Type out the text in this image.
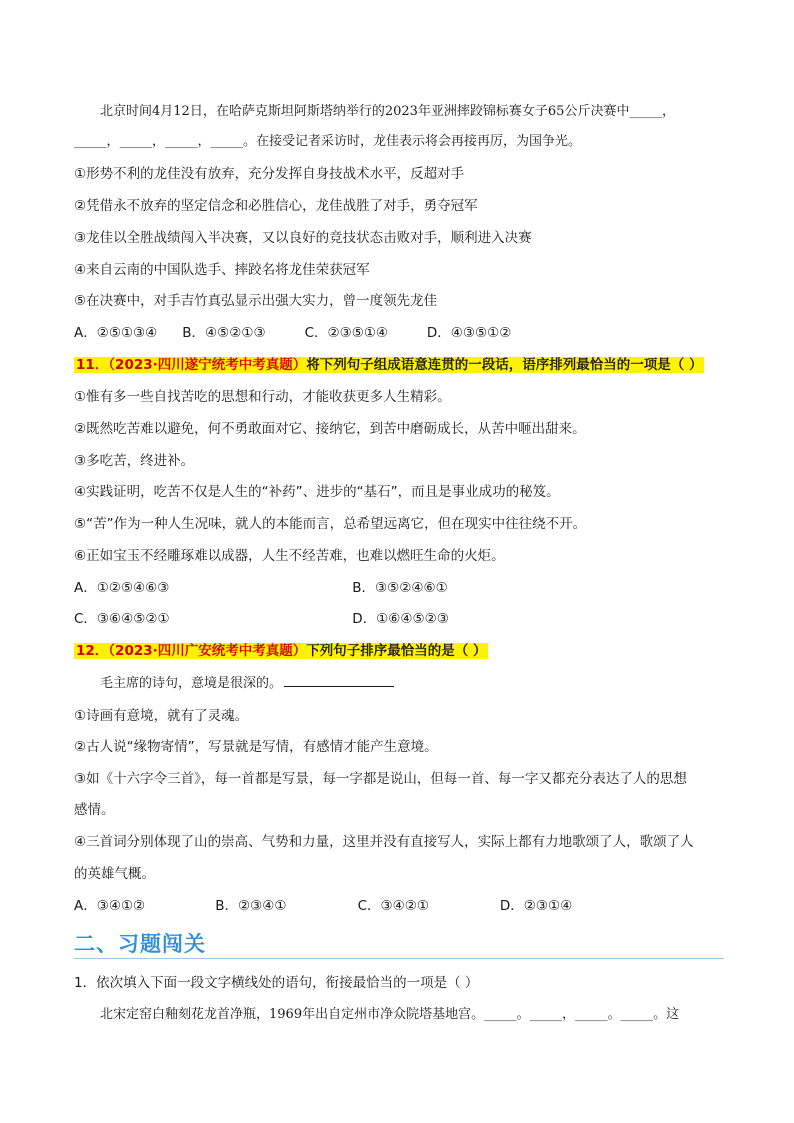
北京时间4月12日，在哈萨克斯坦阿斯塔纳举行的2023年亚洲摔跤锦标赛女子65公斤决赛中_____，
_____，_____，_____，_____。在接受记者采访时，龙佳表示将会再接再厉，为国争光。
①形势不利的龙佳没有放弃，充分发挥自身技战术水平，反超对手
②凭借永不放弃的坚定信念和必胜信心，龙佳战胜了对手，勇夺冠军
③龙佳以全胜战绩闯入半决赛，又以良好的竞技状态击败对手，顺利进入决赛
④来自云南的中国队选手、摔跤名将龙佳荣获冠军
⑤在决赛中，对手吉竹真弘显示出强大实力，曾一度领先龙佳
A．②⑤①③④ B．④⑤②①③	C．②③⑤①④	D．④③⑤①②
11．（2023·四川遂宁统考中考真题）将下列句子组成语意连贯的一段话，语序排列最恰当的一项是（ ）
①惟有多一些自找苦吃的思想和行动，才能收获更多人生精彩。
②既然吃苦难以避免，何不勇敢面对它、接纳它，到苦中磨砺成长，从苦中咂出甜来。
③多吃苦，终进补。
④实践证明，吃苦不仅是人生的“补药”、进步的“基石”，而且是事业成功的秘笈。
⑤“苦”作为一种人生况味，就人的本能而言，总希望远离它，但在现实中往往绕不开。
⑥正如宝玉不经雕琢难以成器，人生不经苦难，也难以燃旺生命的火炬。
A．①②⑤④⑥③	B．③⑤②④⑥①
C．③⑥④⑤②①	D．①⑥④⑤②③
12．（2023·四川广安统考中考真题）下列句子排序最恰当的是（ ）
毛主席的诗句，意境是很深的。
①诗画有意境，就有了灵魂。
②古人说“缘物寄情”，写景就是写情，有感情才能产生意境。
③如《十六字令三首》，每一首都是写景，每一字都是说山，但每一首、每一字又都充分表达了人的思想
感情。
④三首词分别体现了山的崇高、气势和力量，这里并没有直接写人，实际上都有力地歌颂了人，歌颂了人
的英雄气概。
A．③④①②	B．②③④①	C．③④②①	D．②③①④
二、习题闯关
1．依次填入下面一段文字横线处的语句，衔接最恰当的一项是（ ）
北宋定窑白釉刻花龙首净瓶，1969年出自定州市净众院塔基地宫。_____。_____，_____。_____。这
